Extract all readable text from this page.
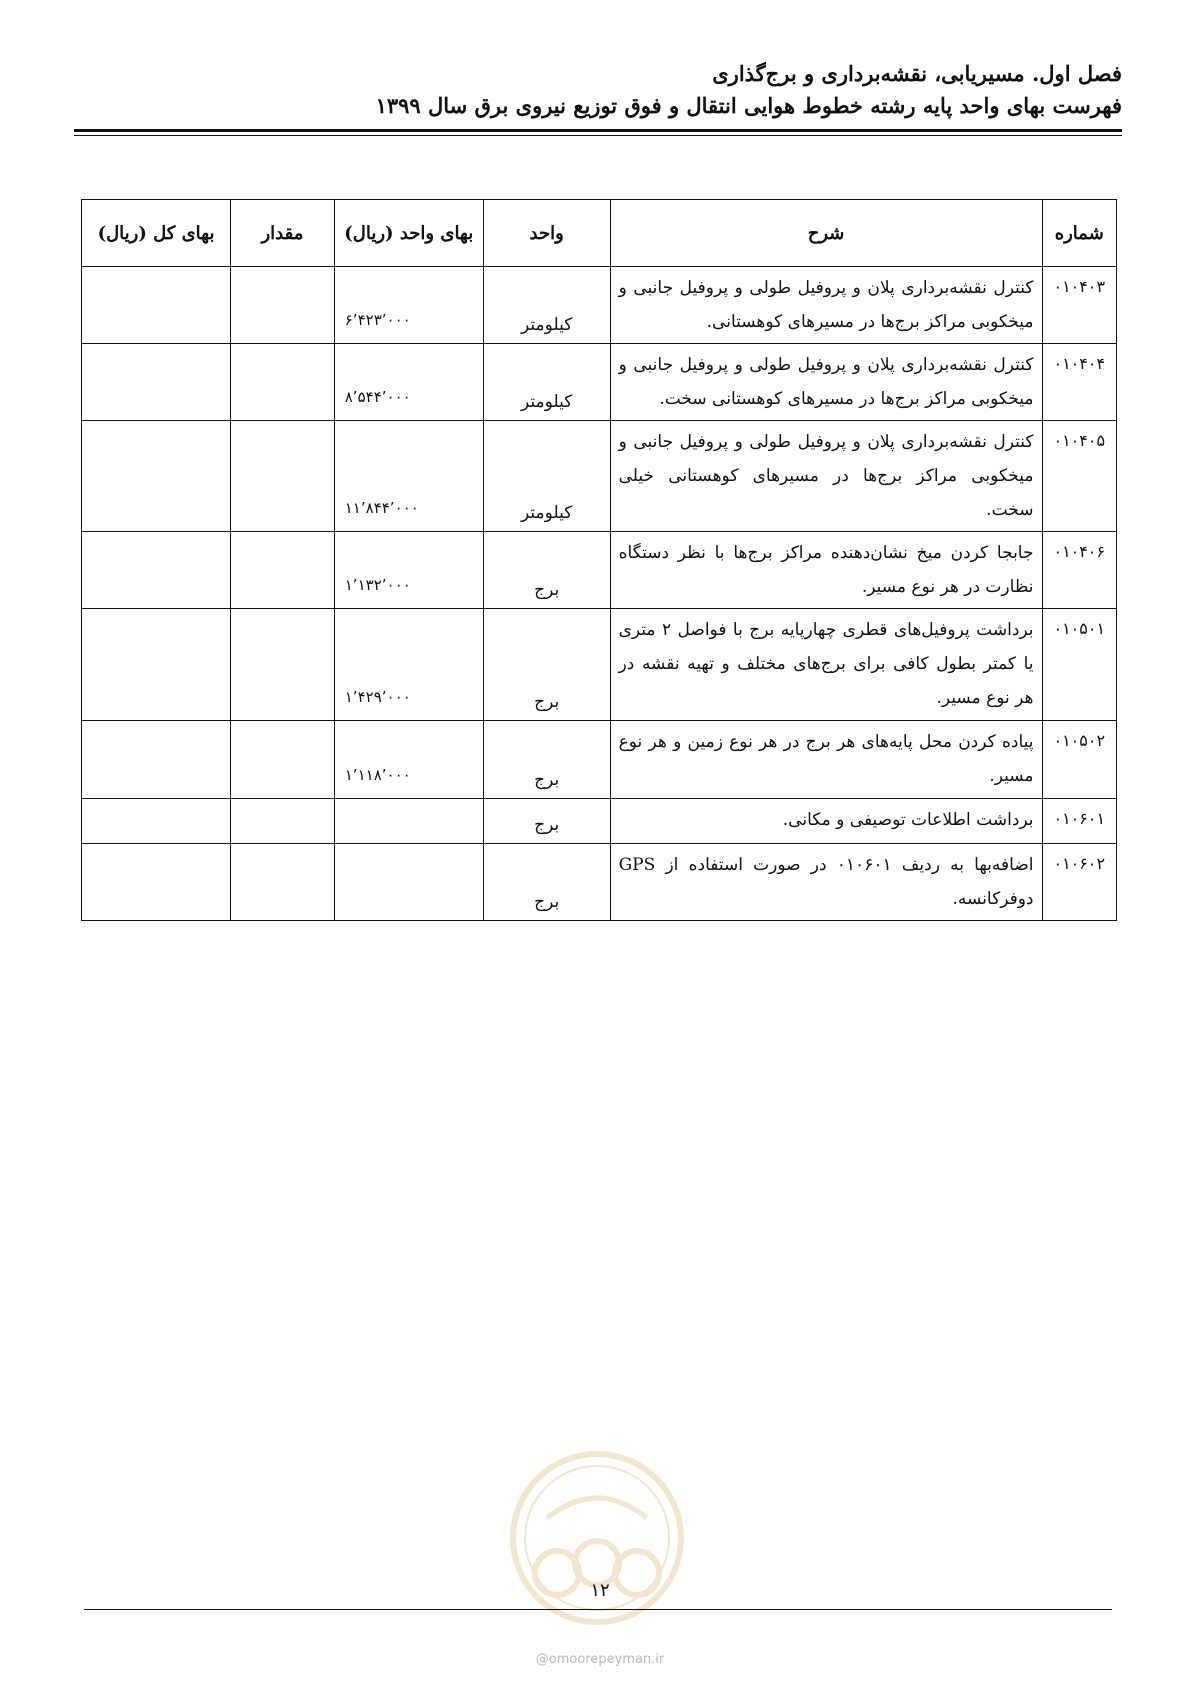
فصل اول. مسیریابی، نقشه‌برداری و برج‌گذاری
فهرست بهای واحد پایه رشته خطوط هوایی انتقال و فوق توزیع نیروی برق سال ۱۳۹۹
شماره	شرح	واحد	بهای واحد (ریال)	مقدار	بهای کل (ریال)
۰۱۰۴۰۳	کنترل نقشه‌برداری پلان و پروفیل طولی و پروفیل جانبی و میخکوبی مراکز برج‌ها در مسیرهای کوهستانی.	کیلومتر	۶٬۴۲۳٬۰۰۰		
۰۱۰۴۰۴	کنترل نقشه‌برداری پلان و پروفیل طولی و پروفیل جانبی و میخکوبی مراکز برج‌ها در مسیرهای کوهستانی سخت.	کیلومتر	۸٬۵۴۴٬۰۰۰		
۰۱۰۴۰۵	کنترل نقشه‌برداری پلان و پروفیل طولی و پروفیل جانبی و میخکوبی مراکز برج‌ها در مسیرهای کوهستانی خیلی سخت.	کیلومتر	۱۱٬۸۴۴٬۰۰۰		
۰۱۰۴۰۶	جابجا کردن میخ نشان‌دهنده مراکز برج‌ها با نظر دستگاه نظارت در هر نوع مسیر.	برج	۱٬۱۳۲٬۰۰۰		
۰۱۰۵۰۱	برداشت پروفیل‌های قطری چهارپایه برج با فواصل ۲ متری یا کمتر بطول کافی برای برج‌های مختلف و تهیه نقشه در هر نوع مسیر.	برج	۱٬۴۲۹٬۰۰۰		
۰۱۰۵۰۲	پیاده کردن محل پایه‌های هر برج در هر نوع زمین و هر نوع مسیر.	برج	۱٬۱۱۸٬۰۰۰		
۰۱۰۶۰۱	برداشت اطلاعات توصیفی و مکانی.	برج			
۰۱۰۶۰۲	اضافه‌بها به ردیف ۰۱۰۶۰۱ در صورت استفاده از GPS دوفرکانسه.	برج			
۱۲
@omoorepeyman.ir
